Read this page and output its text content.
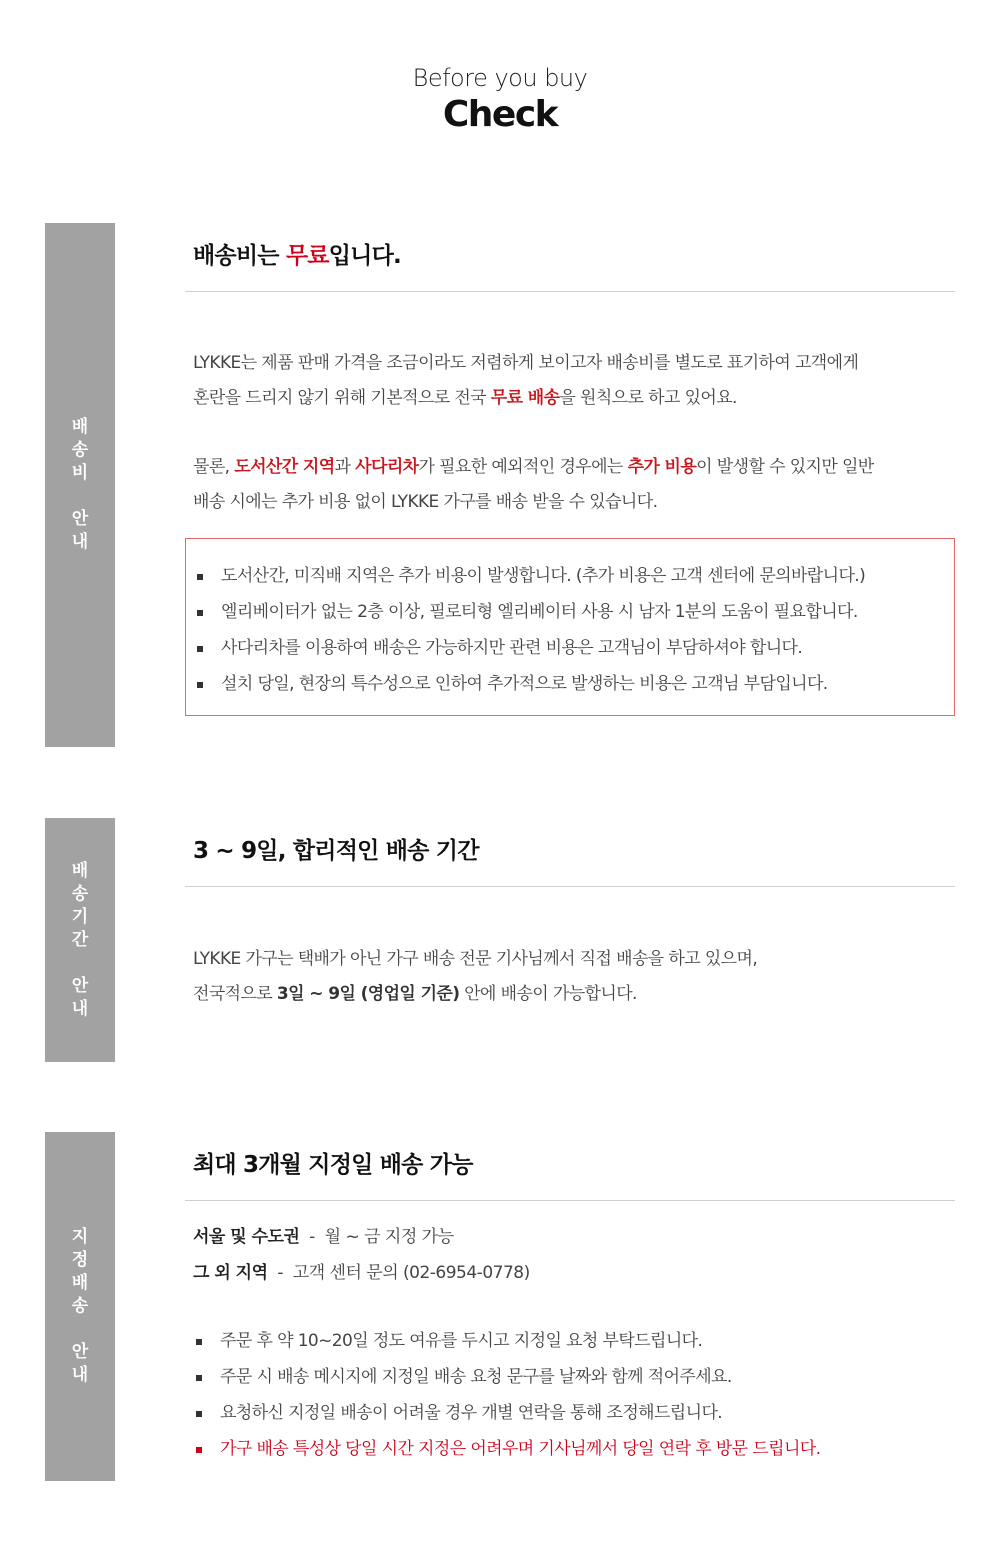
Before you buy
Check
배
송
비
안
내
배송비는 무료입니다.
LYKKE는 제품 판매 가격을 조금이라도 저렴하게 보이고자 배송비를 별도로 표기하여 고객에게
혼란을 드리지 않기 위해 기본적으로 전국 무료 배송을 원칙으로 하고 있어요.
물론, 도서산간 지역과 사다리차가 필요한 예외적인 경우에는 추가 비용이 발생할 수 있지만 일반
배송 시에는 추가 비용 없이 LYKKE 가구를 배송 받을 수 있습니다.
도서산간, 미직배 지역은 추가 비용이 발생합니다. (추가 비용은 고객 센터에 문의바랍니다.)
엘리베이터가 없는 2층 이상, 필로티형 엘리베이터 사용 시 남자 1분의 도움이 필요합니다.
사다리차를 이용하여 배송은 가능하지만 관련 비용은 고객님이 부담하셔야 합니다.
설치 당일, 현장의 특수성으로 인하여 추가적으로 발생하는 비용은 고객님 부담입니다.
배
송
기
간
안
내
3 ~ 9일, 합리적인 배송 기간
LYKKE 가구는 택배가 아닌 가구 배송 전문 기사님께서 직접 배송을 하고 있으며,
전국적으로 3일 ~ 9일 (영업일 기준) 안에 배송이 가능합니다.
지
정
배
송
안
내
최대 3개월 지정일 배송 가능
서울 및 수도권  -  월 ~ 금 지정 가능
그 외 지역  -  고객 센터 문의 (02-6954-0778)
주문 후 약 10~20일 정도 여유를 두시고 지정일 요청 부탁드립니다.
주문 시 배송 메시지에 지정일 배송 요청 문구를 날짜와 함께 적어주세요.
요청하신 지정일 배송이 어려울 경우 개별 연락을 통해 조정해드립니다.
가구 배송 특성상 당일 시간 지정은 어려우며 기사님께서 당일 연락 후 방문 드립니다.
